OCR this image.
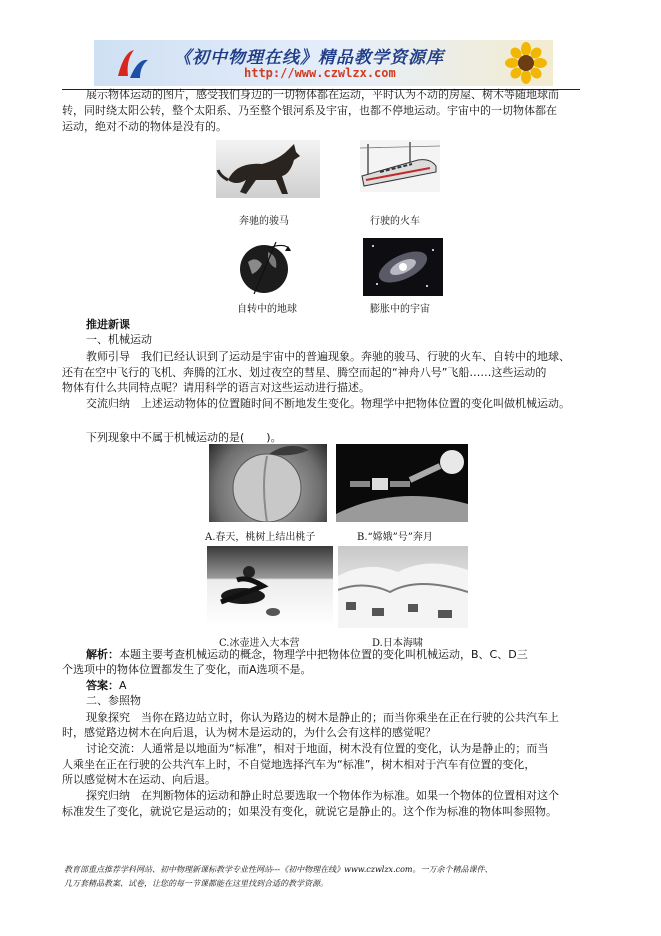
《初中物理在线》精品教学资源库
http://www.czwlzx.com
展示物体运动的图片，感受我们身边的一切物体都在运动，平时认为不动的房屋、树木等随地球而
转，同时绕太阳公转，整个太阳系、乃至整个银河系及宇宙，也都不停地运动。宇宙中的一切物体都在
运动，绝对不动的物体是没有的。
奔驰的骏马	行驶的火车
自转中的地球	膨胀中的宇宙
推进新课
一、机械运动
教师引导　我们已经认识到了运动是宇宙中的普遍现象。奔驰的骏马、行驶的火车、自转中的地球、
还有在空中飞行的飞机、奔腾的江水、划过夜空的彗星、腾空而起的“神舟八号”飞船……这些运动的
物体有什么共同特点呢？请用科学的语言对这些运动进行描述。
交流归纳　上述运动物体的位置随时间不断地发生变化。物理学中把物体位置的变化叫做机械运动。
下列现象中不属于机械运动的是(　　)。
A.春天，桃树上结出桃子	B.“嫦娥”号”奔月
C.冰壶进入大本营	D.日本海啸
解析：本题主要考查机械运动的概念，物理学中把物体位置的变化叫机械运动，B、C、D三
个选项中的物体位置都发生了变化，而A选项不是。
答案：A
二、参照物
现象探究　当你在路边站立时，你认为路边的树木是静止的；而当你乘坐在正在行驶的公共汽车上
时，感觉路边树木在向后退，认为树木是运动的，为什么会有这样的感觉呢？
讨论交流：人通常是以地面为“标准”，相对于地面，树木没有位置的变化，认为是静止的；而当
人乘坐在正在行驶的公共汽车上时，不自觉地选择汽车为“标准”，树木相对于汽车有位置的变化，
所以感觉树木在运动、向后退。
探究归纳　在判断物体的运动和静止时总要选取一个物体作为标准。如果一个物体的位置相对这个
标准发生了变化，就说它是运动的；如果没有变化，就说它是静止的。这个作为标准的物体叫参照物。
教育部重点推荐学科网站、初中物理新课标教学专业性网站---《初中物理在线》www.czwlzx.com。一万余个精品课件、
几万套精品教案、试卷，让您的每一节课都能在这里找到合适的教学资源。
